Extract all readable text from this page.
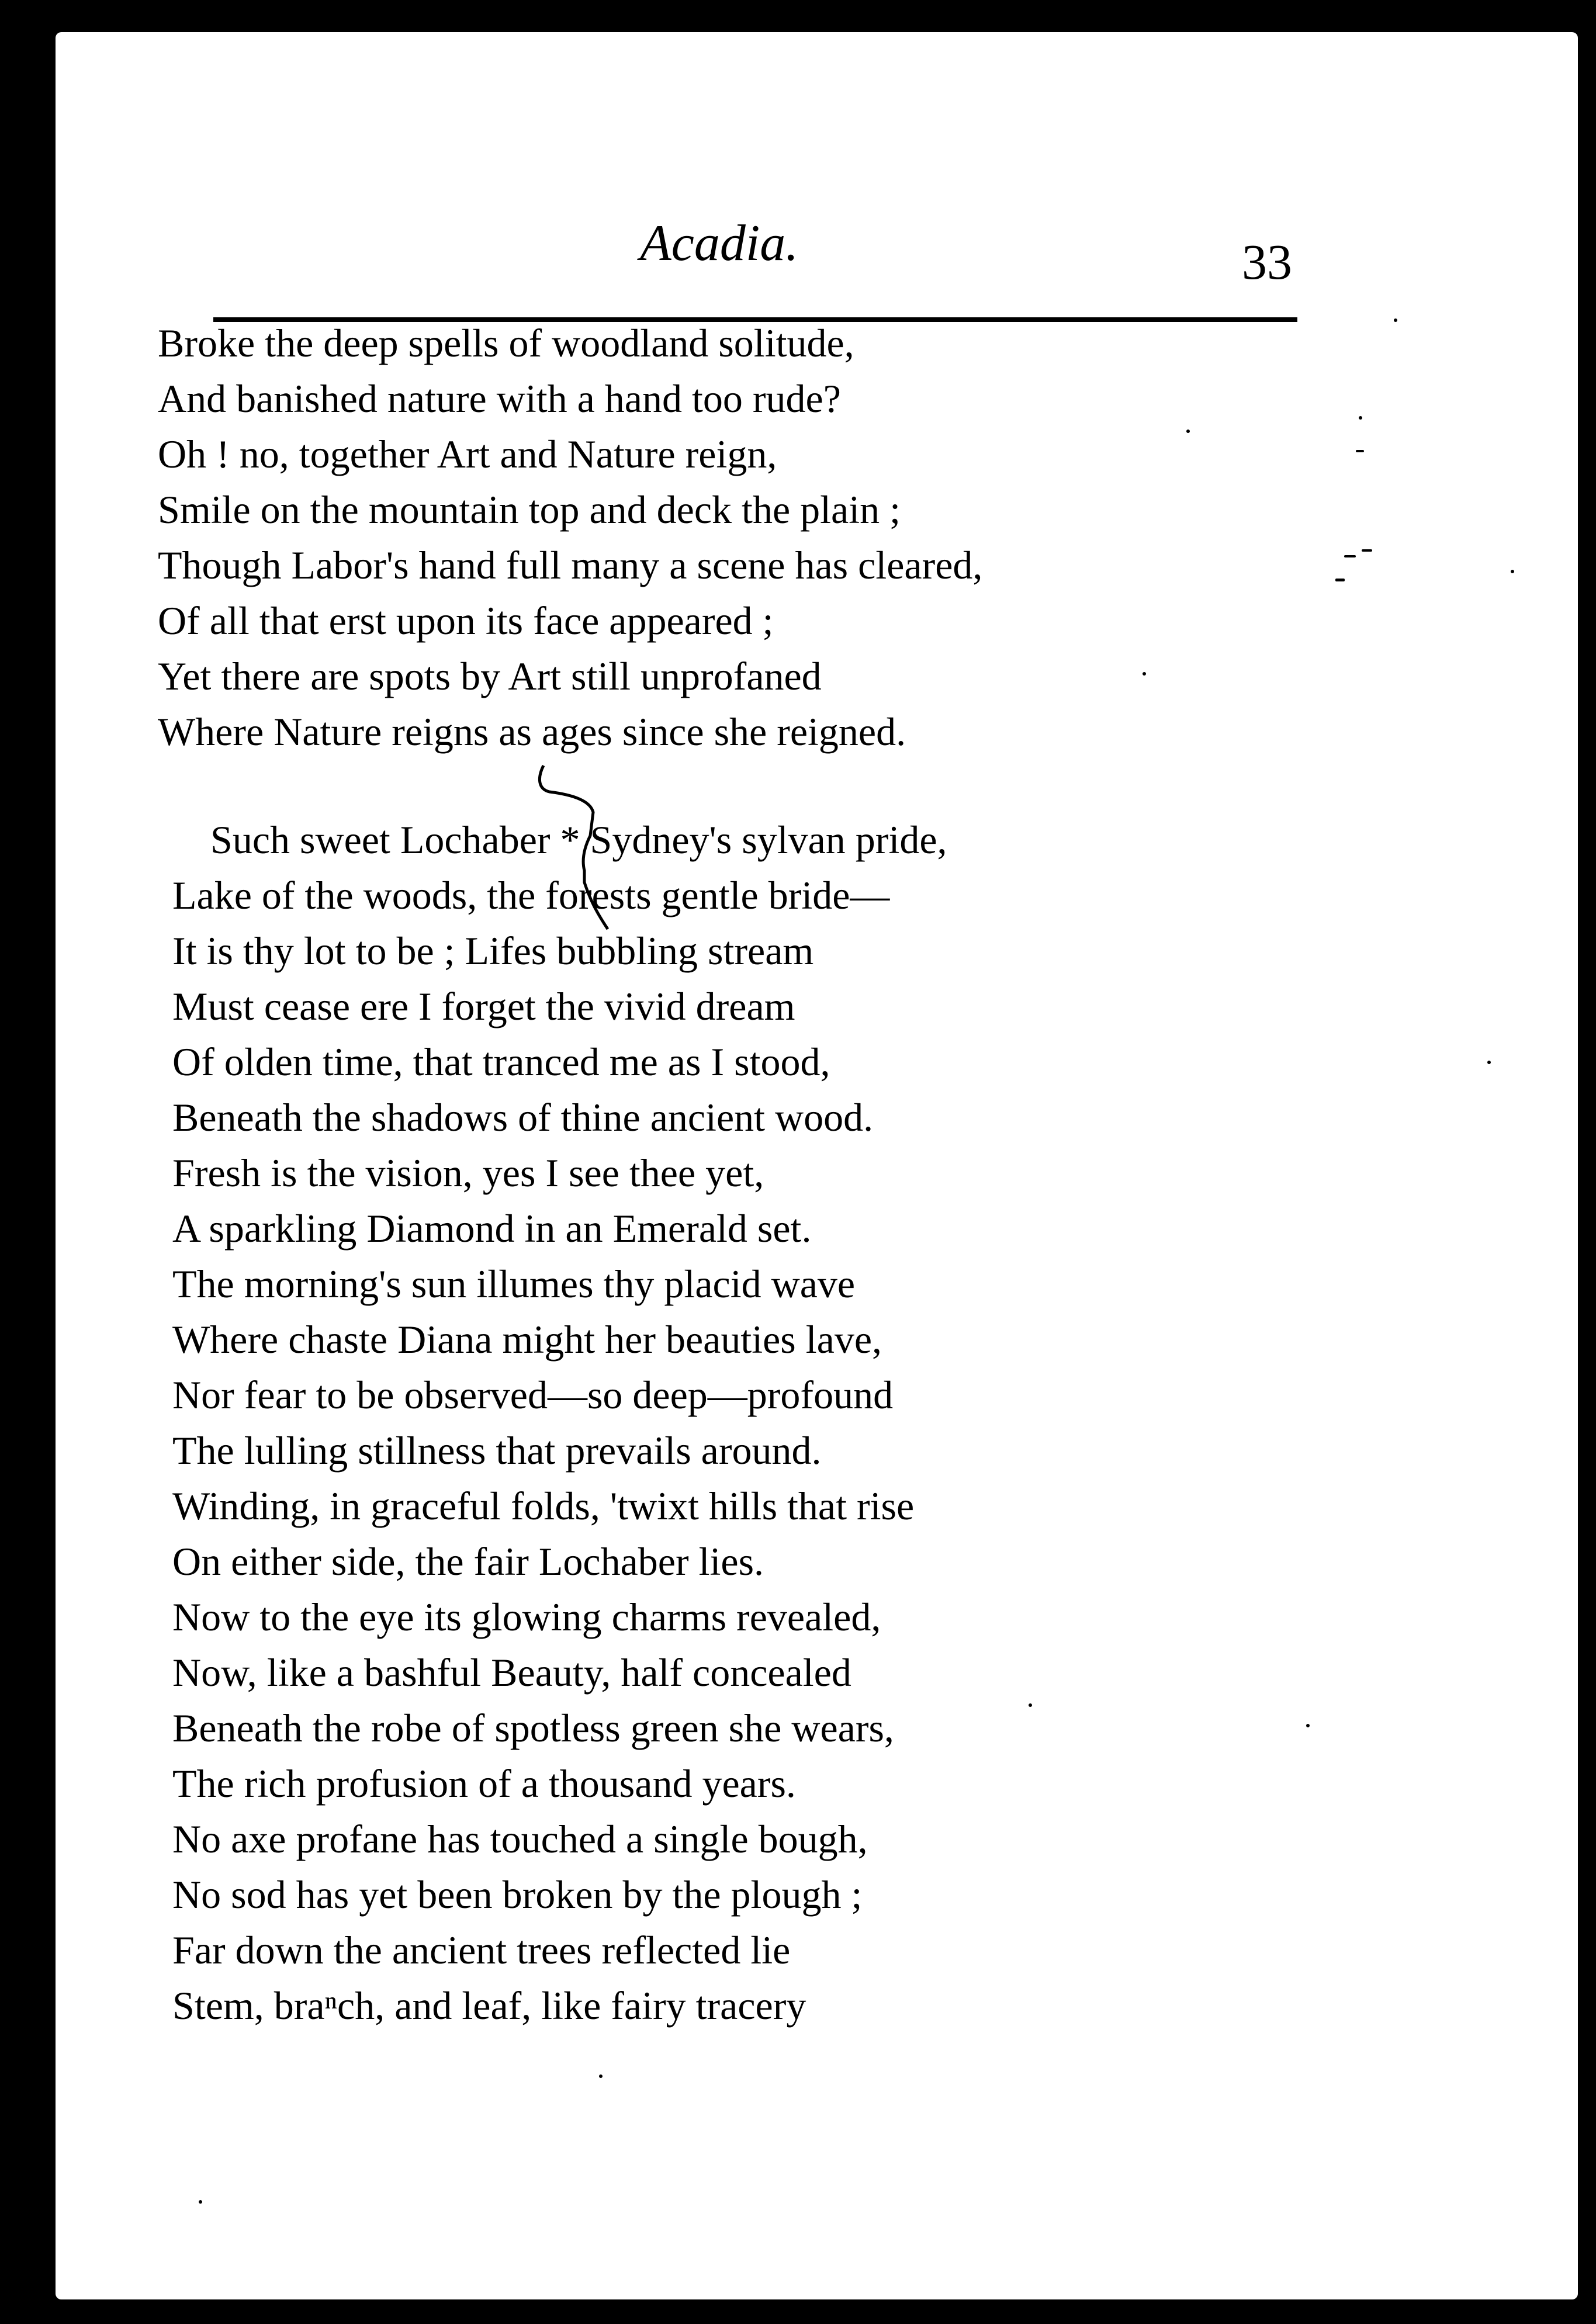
Acadia.	33
Broke the deep spells of woodland solitude,
And banished nature with a hand too rude?
Oh ! no, together Art and Nature reign,
Smile on the mountain top and deck the plain ;
Though Labor's hand full many a scene has cleared,
Of all that erst upon its face appeared ;
Yet there are spots by Art still unprofaned
Where Nature reigns as ages since she reigned.
Such sweet Lochaber * Sydney's sylvan pride,
Lake of the woods, the forests gentle bride—
It is thy lot to be ; Lifes bubbling stream
Must cease ere I forget the vivid dream
Of olden time, that tranced me as I stood,
Beneath the shadows of thine ancient wood.
Fresh is the vision, yes I see thee yet,
A sparkling Diamond in an Emerald set.
The morning's sun illumes thy placid wave
Where chaste Diana might her beauties lave,
Nor fear to be observed—so deep—profound
The lulling stillness that prevails around.
Winding, in graceful folds, 'twixt hills that rise
On either side, the fair Lochaber lies.
Now to the eye its glowing charms revealed,
Now, like a bashful Beauty, half concealed
Beneath the robe of spotless green she wears,
The rich profusion of a thousand years.
No axe profane has touched a single bough,
No sod has yet been broken by the plough ;
Far down the ancient trees reflected lie
Stem, braⁿch, and leaf, like fairy tracery
